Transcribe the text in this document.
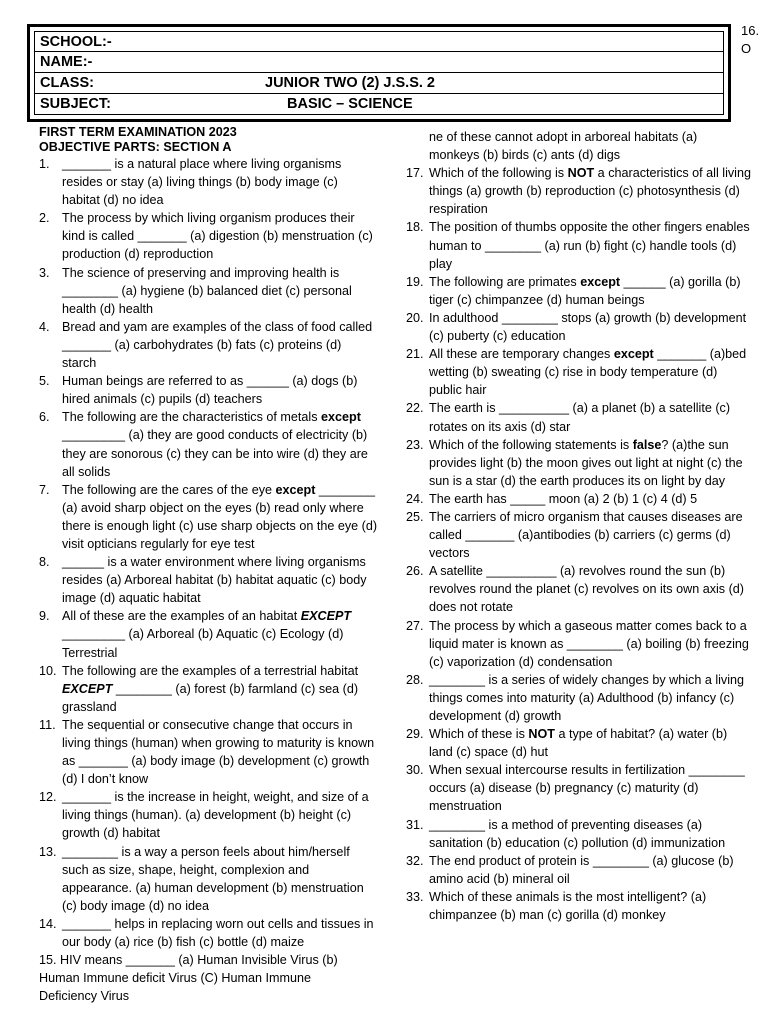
16.
O
SCHOOL:-
NAME:-
CLASS:	JUNIOR TWO (2) J.S.S. 2
SUBJECT:	BASIC – SCIENCE
FIRST TERM EXAMINATION 2023
OBJECTIVE PARTS: SECTION A
1. _______ is a natural place where living organisms resides or stay (a) living things (b) body image (c) habitat (d) no idea
2. The process by which living organism produces their kind is called _______ (a) digestion (b) menstruation (c) production (d) reproduction
3. The science of preserving and improving health is ________ (a) hygiene (b) balanced diet (c) personal health (d) health
4. Bread and yam are examples of the class of food called _______ (a) carbohydrates (b) fats (c) proteins (d) starch
5. Human beings are referred to as ______ (a) dogs (b) hired animals (c) pupils (d) teachers
6. The following are the characteristics of metals except _________ (a) they are good conducts of electricity (b) they are sonorous (c) they can be into wire (d) they are all solids
7. The following are the cares of the eye except ________ (a) avoid sharp object on the eyes (b) read only where there is enough light (c) use sharp objects on the eye (d) visit opticians regularly for eye test
8. ______ is a water environment where living organisms resides (a) Arboreal habitat (b) habitat aquatic (c) body image (d) aquatic habitat
9. All of these are the examples of an habitat EXCEPT _________ (a) Arboreal (b) Aquatic (c) Ecology (d) Terrestrial
10. The following are the examples of a terrestrial habitat EXCEPT ________ (a) forest (b) farmland (c) sea (d) grassland
11. The sequential or consecutive change that occurs in living things (human) when growing to maturity is known as _______ (a) body image (b) development (c) growth (d) I don’t know
12. _______ is the increase in height, weight, and size of a living things (human). (a) development (b) height (c) growth (d) habitat
13. ________ is a way a person feels about him/herself such as size, shape, height, complexion and appearance. (a) human development (b) menstruation (c) body image (d) no idea
14. _______ helps in replacing worn out cells and tissues in our body (a) rice (b) fish (c) bottle (d) maize
15. HIV means _______ (a) Human Invisible Virus (b) Human Immune deficit Virus (C) Human Immune Deficiency Virus
ne of these cannot adopt in arboreal habitats (a) monkeys (b) birds (c) ants (d) digs
17. Which of the following is NOT a characteristics of all living things (a) growth (b) reproduction (c) photosynthesis (d) respiration
18. The position of thumbs opposite the other fingers enables human to ________ (a) run (b) fight (c) handle tools (d) play
19. The following are primates except ______ (a) gorilla (b) tiger (c) chimpanzee (d) human beings
20. In adulthood ________ stops (a) growth (b) development (c) puberty (c) education
21. All these are temporary changes except _______ (a)bed wetting (b) sweating (c) rise in body temperature (d) public hair
22. The earth is __________ (a) a planet (b) a satellite (c) rotates on its axis (d) star
23. Which of the following statements is false? (a)the sun provides light (b) the moon gives out light at night (c) the sun is a star (d) the earth produces its on light by day
24. The earth has _____ moon (a) 2 (b) 1 (c) 4 (d) 5
25. The carriers of micro organism that causes diseases are called _______ (a)antibodies (b) carriers (c) germs (d) vectors
26. A satellite __________ (a) revolves round the sun (b) revolves round the planet (c) revolves on its own axis (d) does not rotate
27. The process by which a gaseous matter comes back to a liquid mater is known as ________ (a) boiling (b) freezing (c) vaporization (d) condensation
28. ________ is a series of widely changes by which a living things comes into maturity (a) Adulthood (b) infancy (c) development (d) growth
29. Which of these is NOT a type of habitat? (a) water (b) land (c) space (d) hut
30. When sexual intercourse results in fertilization ________ occurs (a) disease (b) pregnancy (c) maturity (d) menstruation
31. ________ is a method of preventing diseases (a) sanitation (b) education (c) pollution (d) immunization
32. The end product of protein is ________ (a) glucose (b) amino acid (b) mineral oil
33. Which of these animals is the most intelligent? (a) chimpanzee (b) man (c) gorilla (d) monkey
